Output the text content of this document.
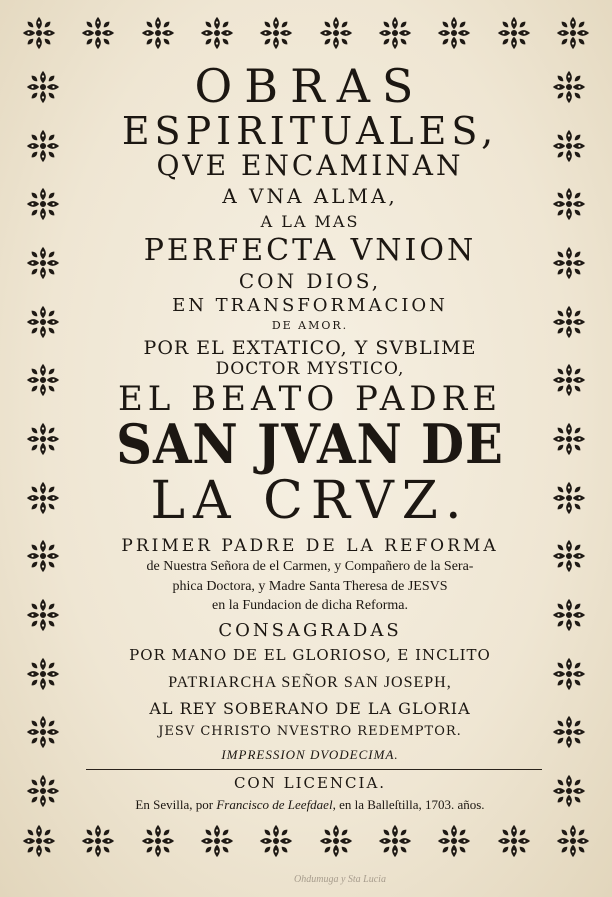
OBRAS
ESPIRITUALES,
QVE ENCAMINAN
A VNA ALMA,
A LA MAS
PERFECTA VNION
CON DIOS,
EN TRANSFORMACION
DE AMOR.
POR EL EXTATICO, Y SVBLIME
DOCTOR MYSTICO,
EL BEATO PADRE
SAN JVAN DE
LA CRVZ.
PRIMER PADRE DE LA REFORMA
de Nuestra Señora de el Carmen, y Compañero de la Sera-
phica Doctora, y Madre Santa Theresa de JESVS
en la Fundacion de dicha Reforma.
CONSAGRADAS
POR MANO DE EL GLORIOSO, E INCLITO
PATRIARCHA SEÑOR SAN JOSEPH,
AL REY SOBERANO DE LA GLORIA
JESV CHRISTO NVESTRO REDEMPTOR.
IMPRESSION DVODECIMA.
CON LICENCIA.
En Sevilla, por Francisco de Leefdael, en la Balleſtilla, 1703. años.
Ohdumuga y Sta Lucia
